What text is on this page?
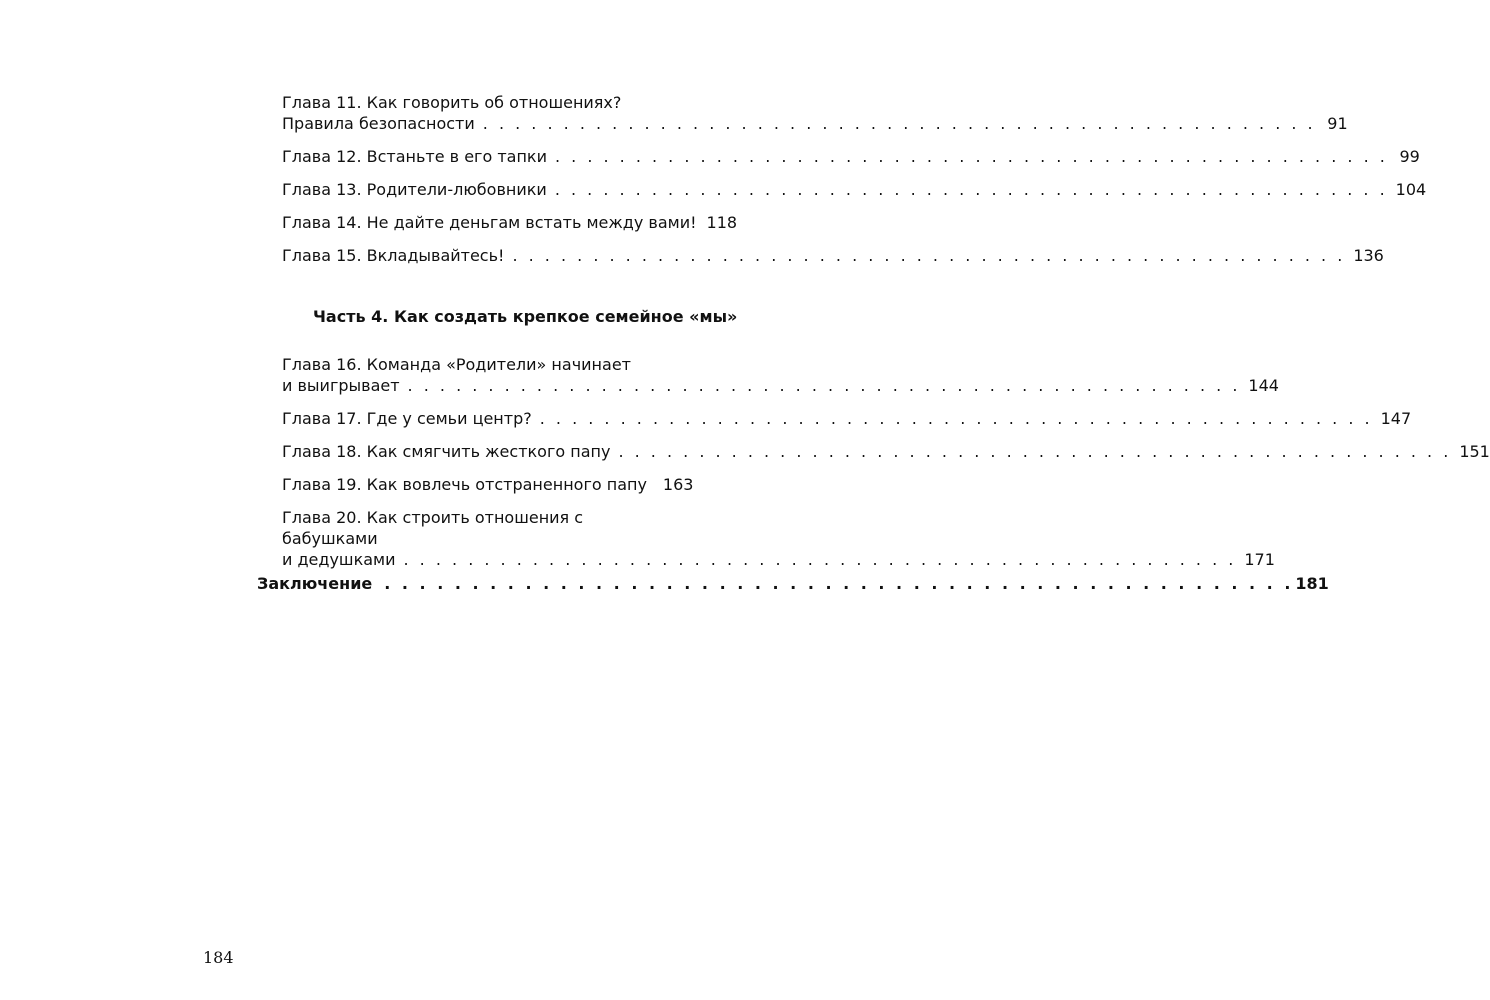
Глава 11. Как говорить об отношениях?
Правила безопасности . . . . . . . . . . . . . . . . . . . . . . . . . . . . . . . . . . . . . . . . . . . . . . . . . . . . 91
Глава 12. Встаньте в его тапки . . . . . . . . . . . . . . . . . . . . . . . . . . . . . . . . . . . . . . . . . . . . . . . . . . . . 99
Глава 13. Родители-любовники . . . . . . . . . . . . . . . . . . . . . . . . . . . . . . . . . . . . . . . . . . . . . . . . . . . . 104
Глава 14. Не дайте деньгам встать между вами! 118
Глава 15. Вкладывайтесь! . . . . . . . . . . . . . . . . . . . . . . . . . . . . . . . . . . . . . . . . . . . . . . . . . . . . 136
Часть 4. Как создать крепкое семейное «мы»
Глава 16. Команда «Родители» начинает
и выигрывает . . . . . . . . . . . . . . . . . . . . . . . . . . . . . . . . . . . . . . . . . . . . . . . . . . . . 144
Глава 17. Где у семьи центр? . . . . . . . . . . . . . . . . . . . . . . . . . . . . . . . . . . . . . . . . . . . . . . . . . . . . 147
Глава 18. Как смягчить жесткого папу . . . . . . . . . . . . . . . . . . . . . . . . . . . . . . . . . . . . . . . . . . . . . . . . . . . . 151
Глава 19. Как вовлечь отстраненного папу 163
Глава 20. Как строить отношения с бабушками
и дедушками . . . . . . . . . . . . . . . . . . . . . . . . . . . . . . . . . . . . . . . . . . . . . . . . . . . . 171
Заключение . . . . . . . . . . . . . . . . . . . . . . . . . . . . . . . . . . . . . . . . . . . . . . . . . . . . 181
184
